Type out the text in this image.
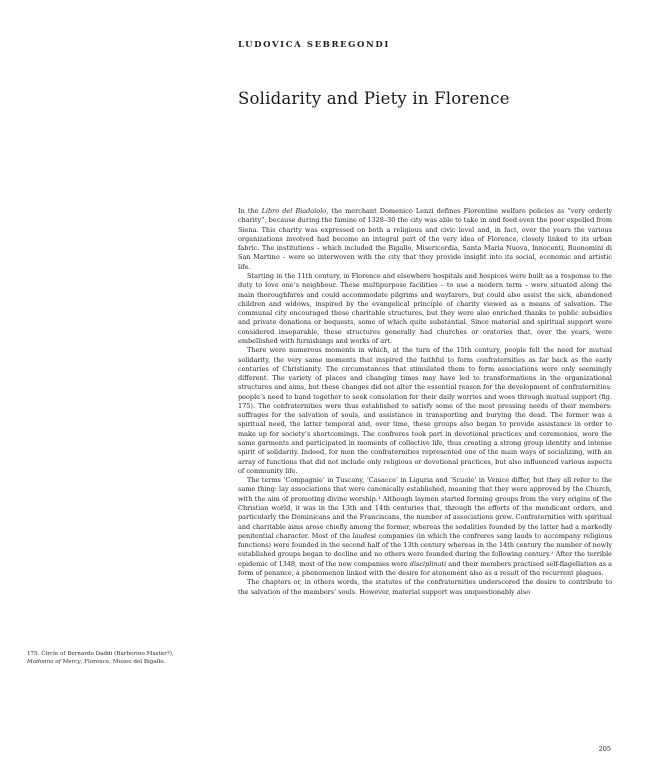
LUDOVICA SEBREGONDI
Solidarity and Piety in Florence

In the Libro del Biadaiolo, the merchant Domenico Lenzi defines Florentine welfare policies as “very orderly charity”, because during the famine of 1328–30 the city was able to take in and feed even the poor expelled from Siena. This charity was expressed on both a religious and civic level and, in fact, over the years the various organizations involved had become an integral part of the very idea of Florence, closely linked to its urban fabric. The institutions – which included the Bigallo, Misericordia, Santa Maria Nuova, Innocenti, Buonomini di San Martino – were so interwoven with the city that they provide insight into its social, economic and artistic life.

Starting in the 11th century, in Florence and elsewhere hospitals and hospices were built as a response to the duty to love one’s neighbour. These multipurpose facilities – to use a modern term – were situated along the main thoroughfares and could accommodate pilgrims and wayfarers, but could also assist the sick, abandoned children and widows, inspired by the evangelical principle of charity viewed as a means of salvation. The communal city encouraged these charitable structures, but they were also enriched thanks to public subsidies and private donations or bequests, some of which quite substantial. Since material and spiritual support were considered inseparable, these structures generally had churches or oratories that, over the years, were embellished with furnishings and works of art.

There were numerous moments in which, at the turn of the 15th century, people felt the need for mutual solidarity, the very same moments that inspired the faithful to form confraternities as far back as the early centuries of Christianity. The circumstances that stimulated them to form associations were only seemingly different. The variety of places and changing times may have led to transformations in the organizational structures and aims, but these changes did not alter the essential reason for the development of confraternities: people’s need to band together to seek consolation for their daily worries and woes through mutual support (fig. 175). The confraternities were thus established to satisfy some of the most pressing needs of their members: suffrages for the salvation of souls, and assistance in transporting and burying the dead. The former was a spiritual need, the latter temporal and, over time, these groups also began to provide assistance in order to make up for society’s shortcomings. The confreres took part in devotional practices and ceremonies, wore the same garments and participated in moments of collective life, thus creating a strong group identity and intense spirit of solidarity. Indeed, for men the confraternities represented one of the main ways of socializing, with an array of functions that did not include only religious or devotional practices, but also influenced various aspects of community life.

The terms ‘Compagnie’ in Tuscany, ‘Casacce’ in Liguria and ‘Scuole’ in Venice differ, but they all refer to the same thing: lay associations that were canonically established, meaning that they were approved by the Church, with the aim of promoting divine worship.¹ Although laymen started forming groups from the very origins of the Christian world, it was in the 13th and 14th centuries that, through the efforts of the mendicant orders, and particularly the Dominicans and the Franciscans, the number of associations grew. Confraternities with spiritual and charitable aims arose chiefly among the former, whereas the sodalities founded by the latter had a markedly penitential character. Most of the laudesi companies (in which the confreres sang lauds to accompany religious functions) were founded in the second half of the 13th century whereas in the 14th century the number of newly established groups began to decline and no others were founded during the following century.² After the terrible epidemic of 1348, most of the new companies were disciplinati and their members practised self-flagellation as a form of penance, a phenomenon linked with the desire for atonement also as a result of the recurrent plagues.

The chapters or, in others words, the statutes of the confraternities underscored the desire to contribute to the salvation of the members’ souls. However, material support was unquestionably also

175. Circle of Bernardo Daddi (Barberino Master?),
Madonna of Mercy, Florence, Museo del Bigallo.
205
